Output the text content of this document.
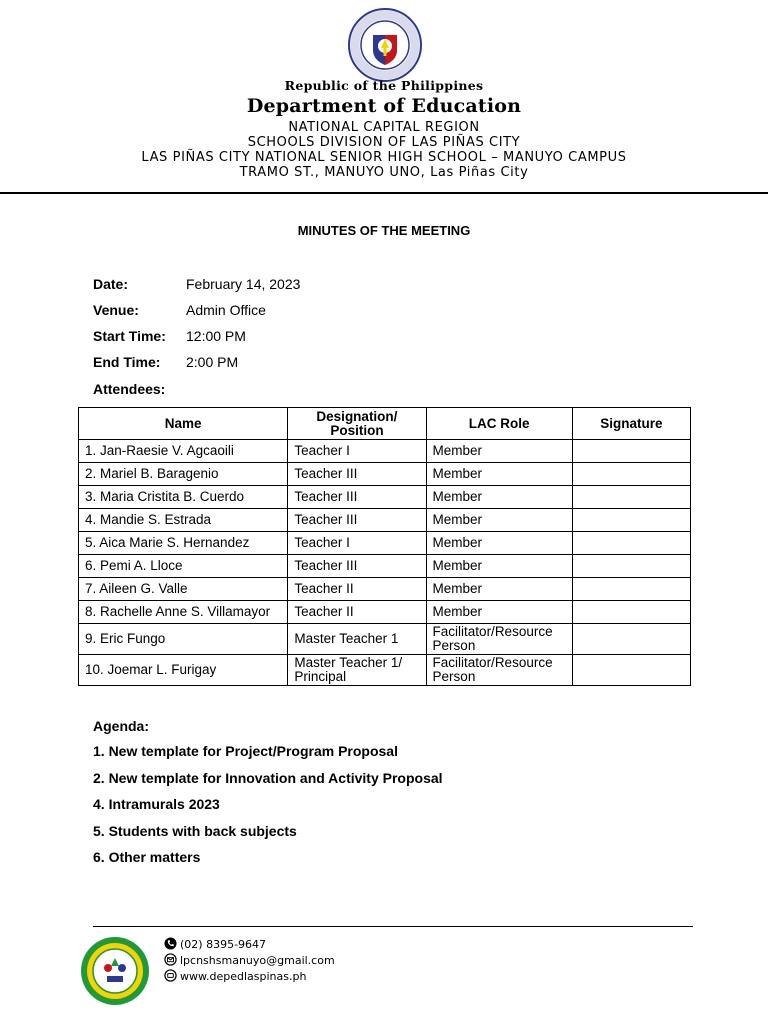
Republic of the Philippines
Department of Education
NATIONAL CAPITAL REGION
SCHOOLS DIVISION OF LAS PIÑAS CITY
LAS PIÑAS CITY NATIONAL SENIOR HIGH SCHOOL – MANUYO CAMPUS
TRAMO ST., MANUYO UNO, Las Piñas City
MINUTES OF THE MEETING
Date:	February 14, 2023
Venue:	Admin Office
Start Time: 12:00 PM
End Time: 2:00 PM
Attendees:
Name	Designation/ Position	LAC Role	Signature
1. Jan-Raesie V. Agcaoili	Teacher I	Member	
2. Mariel B. Baragenio	Teacher III	Member	
3. Maria Cristita B. Cuerdo	Teacher III	Member	
4. Mandie S. Estrada	Teacher III	Member	
5. Aica Marie S. Hernandez	Teacher I	Member	
6. Pemi A. Lloce	Teacher III	Member	
7. Aileen G. Valle	Teacher II	Member	
8. Rachelle Anne S. Villamayor	Teacher II	Member	
9. Eric Fungo	Master Teacher 1	Facilitator/Resource Person	
10. Joemar L. Furigay	Master Teacher 1/ Principal	Facilitator/Resource Person	
Agenda:
1. New template for Project/Program Proposal
2. New template for Innovation and Activity Proposal
4. Intramurals 2023
5. Students with back subjects
6. Other matters
(02) 8395-9647
lpcnshsmanuyo@gmail.com
www.depedlaspinas.ph
